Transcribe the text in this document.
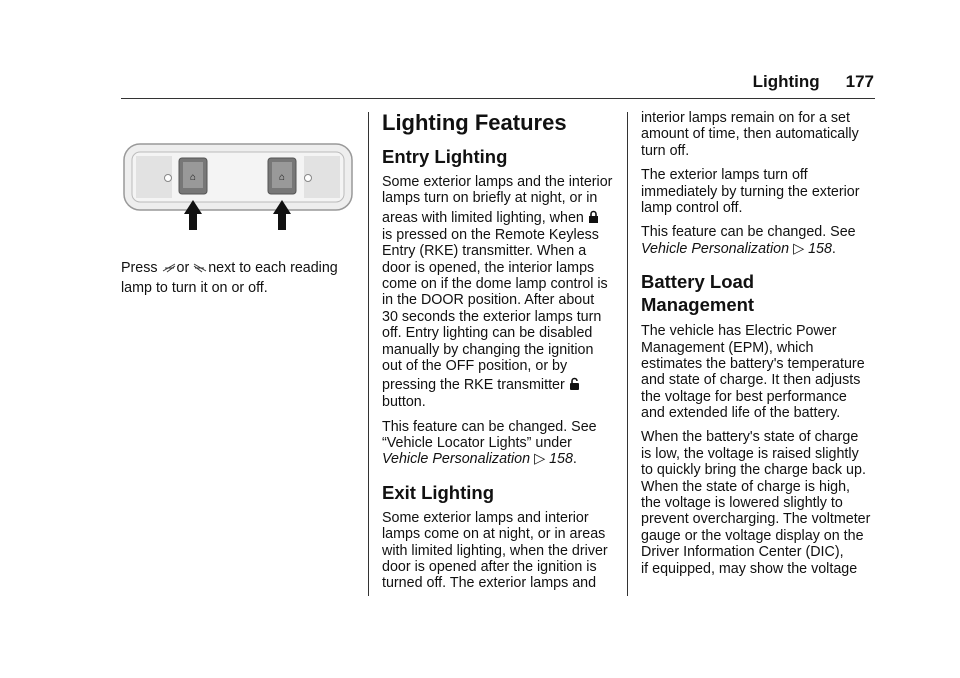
Lighting 177
⌂	⌂
Press or next to each reading
lamp to turn it on or off.
Lighting Features
Entry Lighting
Some exterior lamps and the interior
lamps turn on briefly at night, or in
areas with limited lighting, when
is pressed on the Remote Keyless
Entry (RKE) transmitter. When a
door is opened, the interior lamps
come on if the dome lamp control is
in the DOOR position. After about
30 seconds the exterior lamps turn
off. Entry lighting can be disabled
manually by changing the ignition
out of the OFF position, or by
pressing the RKE transmitter
button.
This feature can be changed. See
“Vehicle Locator Lights” under
Vehicle Personalization ▷ 158.
Exit Lighting
Some exterior lamps and interior
lamps come on at night, or in areas
with limited lighting, when the driver
door is opened after the ignition is
turned off. The exterior lamps and
interior lamps remain on for a set
amount of time, then automatically
turn off.
The exterior lamps turn off
immediately by turning the exterior
lamp control off.
This feature can be changed. See
Vehicle Personalization ▷ 158.
Battery Load
Management
The vehicle has Electric Power
Management (EPM), which
estimates the battery's temperature
and state of charge. It then adjusts
the voltage for best performance
and extended life of the battery.
When the battery's state of charge
is low, the voltage is raised slightly
to quickly bring the charge back up.
When the state of charge is high,
the voltage is lowered slightly to
prevent overcharging. The voltmeter
gauge or the voltage display on the
Driver Information Center (DIC),
if equipped, may show the voltage
